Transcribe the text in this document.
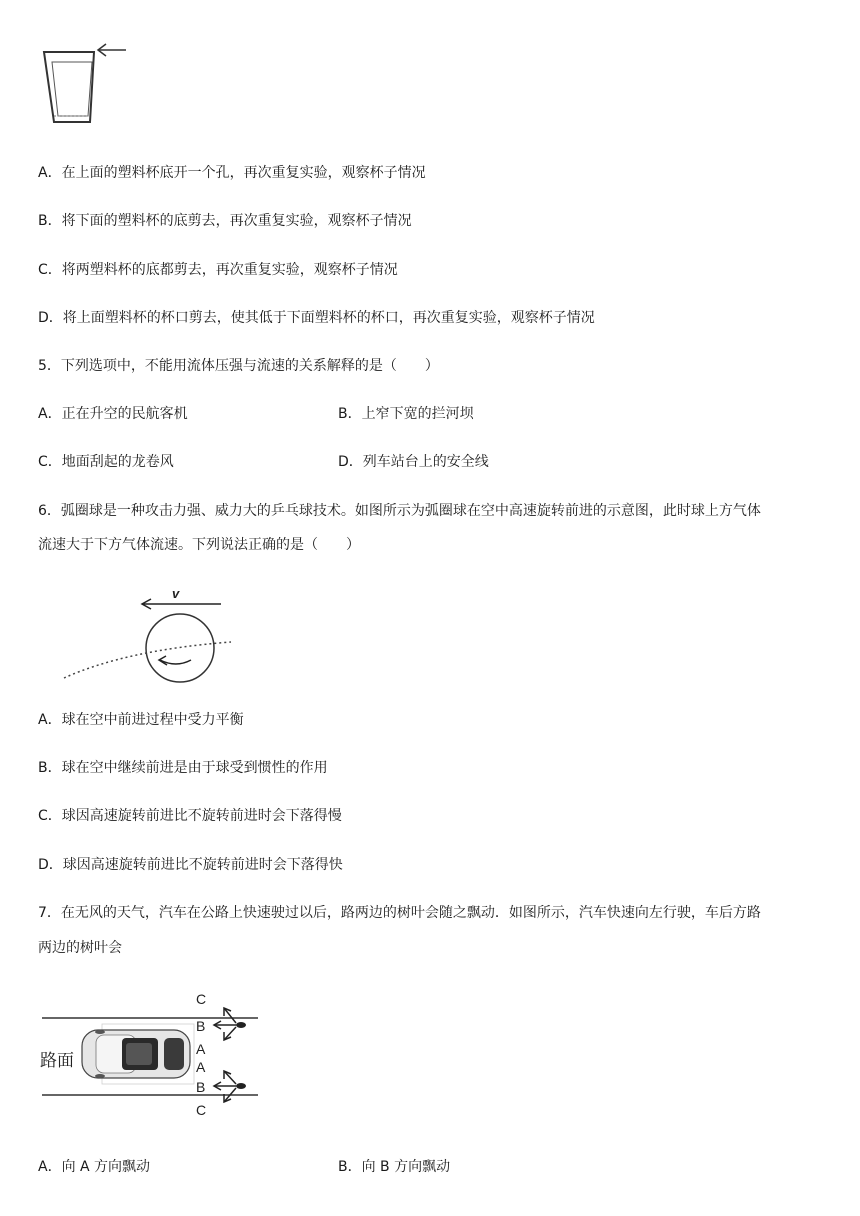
A．在上面的塑料杯底开一个孔，再次重复实验，观察杯子情况
B．将下面的塑料杯的底剪去，再次重复实验，观察杯子情况
C．将两塑料杯的底都剪去，再次重复实验，观察杯子情况
D．将上面塑料杯的杯口剪去，使其低于下面塑料杯的杯口，再次重复实验，观察杯子情况
5．下列选项中，不能用流体压强与流速的关系解释的是（　　）
A．正在升空的民航客机	B．上窄下宽的拦河坝
C．地面刮起的龙卷风	D．列车站台上的安全线
6．弧圈球是一种攻击力强、威力大的乒乓球技术。如图所示为弧圈球在空中高速旋转前进的示意图，此时球上方气体
流速大于下方气体流速。下列说法正确的是（　　）
v
A．球在空中前进过程中受力平衡
B．球在空中继续前进是由于球受到惯性的作用
C．球因高速旋转前进比不旋转前进时会下落得慢
D．球因高速旋转前进比不旋转前进时会下落得快
7．在无风的天气，汽车在公路上快速驶过以后，路两边的树叶会随之飘动．如图所示，汽车快速向左行驶，车后方路
两边的树叶会
路面
C
B
A
A
B
C
A．向 A 方向飘动	B．向 B 方向飘动
